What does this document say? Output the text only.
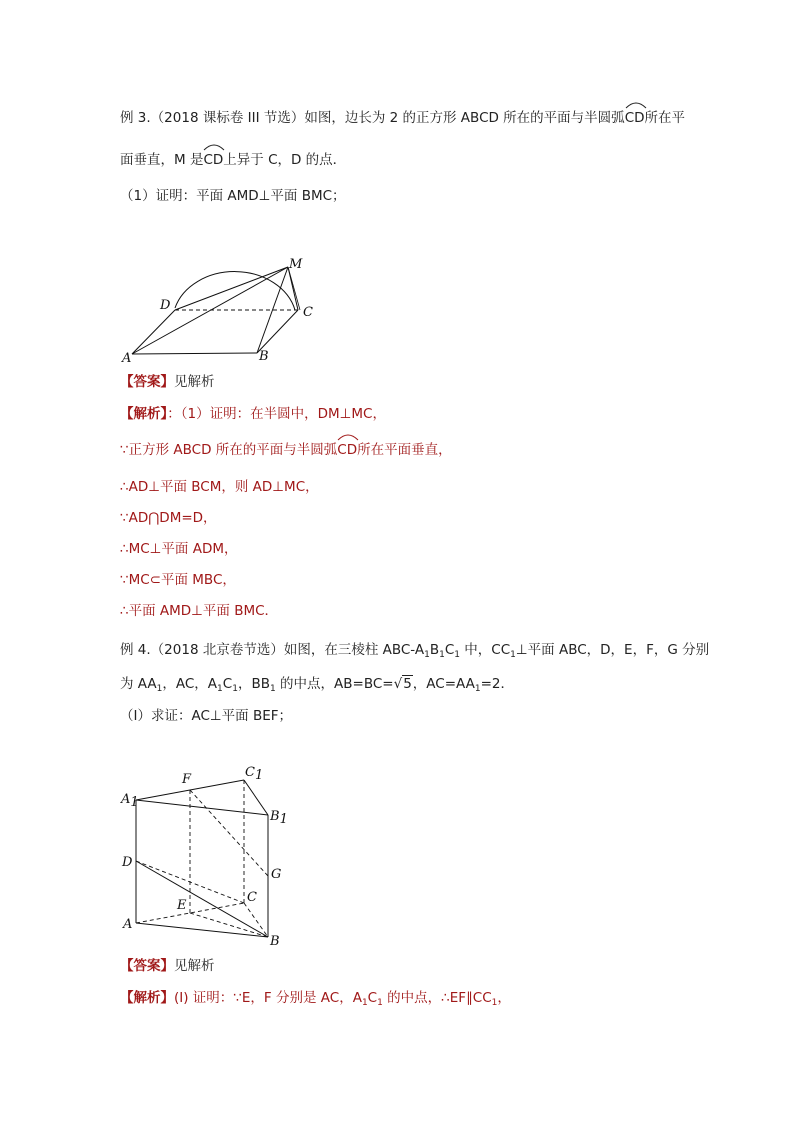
例 3.（2018 课标卷 III 节选）如图，边长为 2 的正方形 ABCD 所在的平面与半圆弧
CD所在平
面垂直，M 是
CD上异于 C，D 的点．
（1）证明：平面 AMD⊥平面 BMC；
M
D	C
A	B
【答案】见解析
【解析】：（1）证明：在半圆中，DM⊥MC，
∵正方形 ABCD 所在的平面与半圆弧
CD所在平面垂直，
∴AD⊥平面 BCM，则 AD⊥MC，
∵AD⋂DM=D，
∴MC⊥平面 ADM，
∵MC⊂平面 MBC，
∴平面 AMD⊥平面 BMC．
例 4.（2018 北京卷节选）如图，在三棱柱 ABC-$A_1B_1C_1$ 中，$CC_1\perp$平面 ABC，D，E，F，G 分别
为 $AA_1$，AC，$A_1C_1$，$BB_1$ 的中点，AB=BC=√5，$AC=AA_1=2$．
（Ⅰ）求证：AC⊥平面 BEF；
F	C1
A1
B1
D
G
C
E
A
B
【答案】见解析
【解析】(I) 证明：∵E，F 分别是 AC，$A_1C_1$ 的中点，$\therefore EF\parallel CC_1$，
